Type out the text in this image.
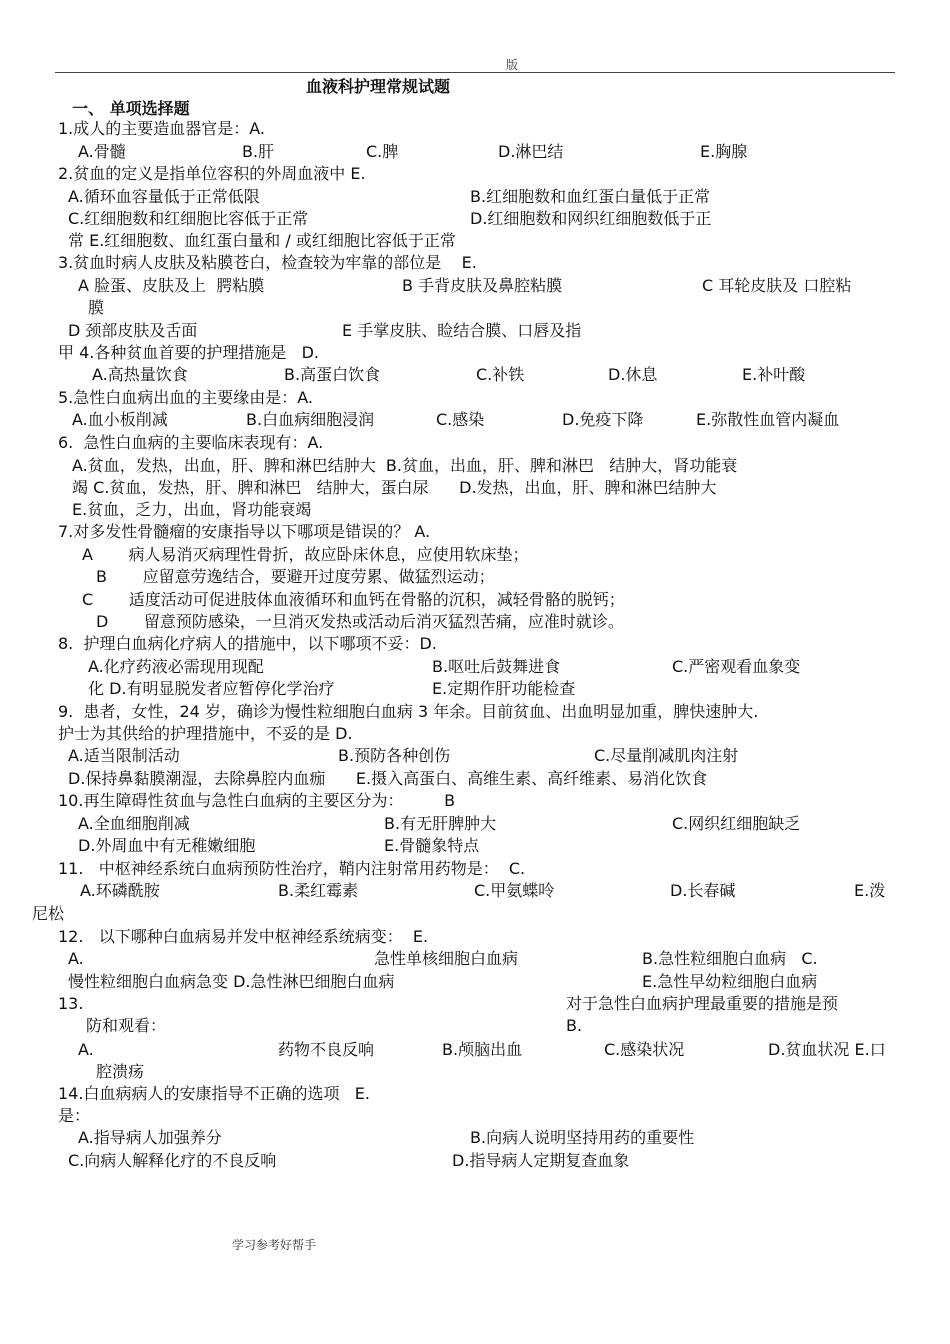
版
血液科护理常规试题
一、 单项选择题
1.成人的主要造血器官是：A.
A.骨髓	B.肝	C.脾	D.淋巴结	E.胸腺
2.贫血的定义是指单位容积的外周血液中 E.
A.循环血容量低于正常低限	B.红细胞数和血红蛋白量低于正常
C.红细胞数和红细胞比容低于正常	D.红细胞数和网织红细胞数低于正
常 E.红细胞数、血红蛋白量和 / 或红细胞比容低于正常
3.贫血时病人皮肤及粘膜苍白，检查较为牢靠的部位是    E.
A 脸蛋、皮肤及上  腭粘膜	B 手背皮肤及鼻腔粘膜	C 耳轮皮肤及 口腔粘
膜
D 颈部皮肤及舌面	E 手掌皮肤、睑结合膜、口唇及指
甲 4.各种贫血首要的护理措施是   D.
A.高热量饮食	B.高蛋白饮食	C.补铁	D.休息	E.补叶酸
5.急性白血病出血的主要缘由是：A.
A.血小板削减	B.白血病细胞浸润	C.感染	D.免疫下降	E.弥散性血管内凝血
6.  急性白血病的主要临床表现有：A.
A.贫血，发热，出血，肝、脾和淋巴结肿大  B.贫血，出血，肝、脾和淋巴   结肿大，肾功能衰
竭 C.贫血，发热，肝、脾和淋巴   结肿大，蛋白尿      D.发热，出血，肝、脾和淋巴结肿大
E.贫血，乏力，出血，肾功能衰竭
7.对多发性骨髓瘤的安康指导以下哪项是错误的？ A.
A       病人易消灭病理性骨折，故应卧床休息，应使用软床垫；
B       应留意劳逸结合，要避开过度劳累、做猛烈运动；
C       适度活动可促进肢体血液循环和血钙在骨骼的沉积，减轻骨骼的脱钙；
D       留意预防感染，一旦消灭发热或活动后消灭猛烈苦痛，应准时就诊。
8.  护理白血病化疗病人的措施中，以下哪项不妥：D.
A.化疗药液必需现用现配	B.呕吐后鼓舞进食	C.严密观看血象变
化 D.有明显脱发者应暂停化学治疗	E.定期作肝功能检查
9.  患者，女性，24 岁，确诊为慢性粒细胞白血病 3 年余。目前贫血、出血明显加重，脾快速肿大.
护士为其供给的护理措施中，不妥的是 D.
A.适当限制活动	B.预防各种创伤	C.尽量削减肌肉注射
D.保持鼻黏膜潮湿，去除鼻腔内血痂      E.摄入高蛋白、高维生素、高纤维素、易消化饮食
10.再生障碍性贫血与急性白血病的主要区分为：        B
A.全血细胞削减	B.有无肝脾肿大	C.网织红细胞缺乏
D.外周血中有无稚嫩细胞	E.骨髓象特点
11.   中枢神经系统白血病预防性治疗，鞘内注射常用药物是：  C.
A.环磷酰胺	B.柔红霉素	C.甲氨蝶呤	D.长春碱	E.泼
尼松
12.   以下哪种白血病易并发中枢神经系统病变：  E.
A.	急性单核细胞白血病	B.急性粒细胞白血病   C.
慢性粒细胞白血病急变 D.急性淋巴细胞白血病	E.急性早幼粒细胞白血病
13.	对于急性白血病护理最重要的措施是预
防和观看：	B.
A.	药物不良反响	B.颅脑出血	C.感染状况	D.贫血状况 E.口
腔溃疡
14.白血病病人的安康指导不正确的选项   E.
是：
A.指导病人加强养分	B.向病人说明坚持用药的重要性
C.向病人解释化疗的不良反响	D.指导病人定期复查血象
学习参考好帮手
